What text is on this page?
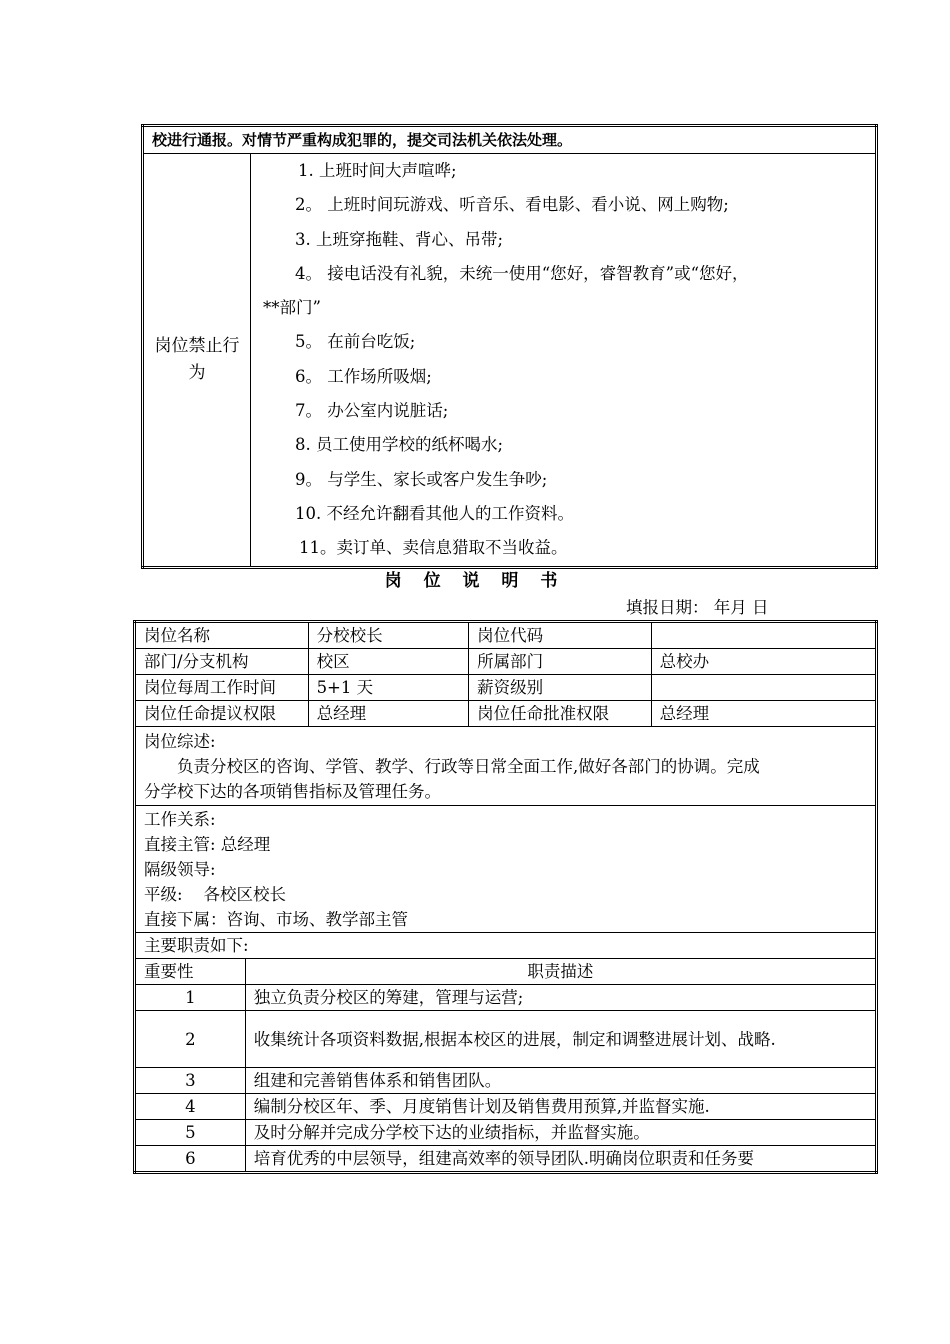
校进行通报。对情节严重构成犯罪的，提交司法机关依法处理。

岗位禁止行为

1. 上班时间大声喧哗;
2。 上班时间玩游戏、听音乐、看电影、看小说、网上购物;
3. 上班穿拖鞋、背心、吊带;
4。 接电话没有礼貌，未统一使用“您好，睿智教育”或“您好，
**部门”
5。 在前台吃饭;
6。 工作场所吸烟;
7。 办公室内说脏话;
8. 员工使用学校的纸杯喝水;
9。 与学生、家长或客户发生争吵;
10. 不经允许翻看其他人的工作资料。
11。卖订单、卖信息猎取不当收益。
岗 位 说 明 书
填报日期： 年月 日
岗位名称		分校校长	岗位代码	
部门/分支机构		校区	所属部门	总校办
岗位每周工作时间		5+1 天	薪资级别	
岗位任命提议权限		总经理	岗位任命批准权限	总经理

岗位综述:
负责分校区的咨询、学管、教学、行政等日常全面工作,做好各部门的协调。完成
分学校下达的各项销售指标及管理任务。				

工作关系:
直接主管: 总经理
隔级领导:
平级:    各校区校长
直接下属：咨询、市场、教学部主管				

主要职责如下:				
重要性	职责描述			
1	独立负责分校区的筹建，管理与运营;			
2	收集统计各项资料数据,根据本校区的进展，制定和调整进展计划、战略.			
3	组建和完善销售体系和销售团队。			
4	编制分校区年、季、月度销售计划及销售费用预算,并监督实施.			
5	及时分解并完成分学校下达的业绩指标，并监督实施。			
6	培育优秀的中层领导，组建高效率的领导团队.明确岗位职责和任务要			
